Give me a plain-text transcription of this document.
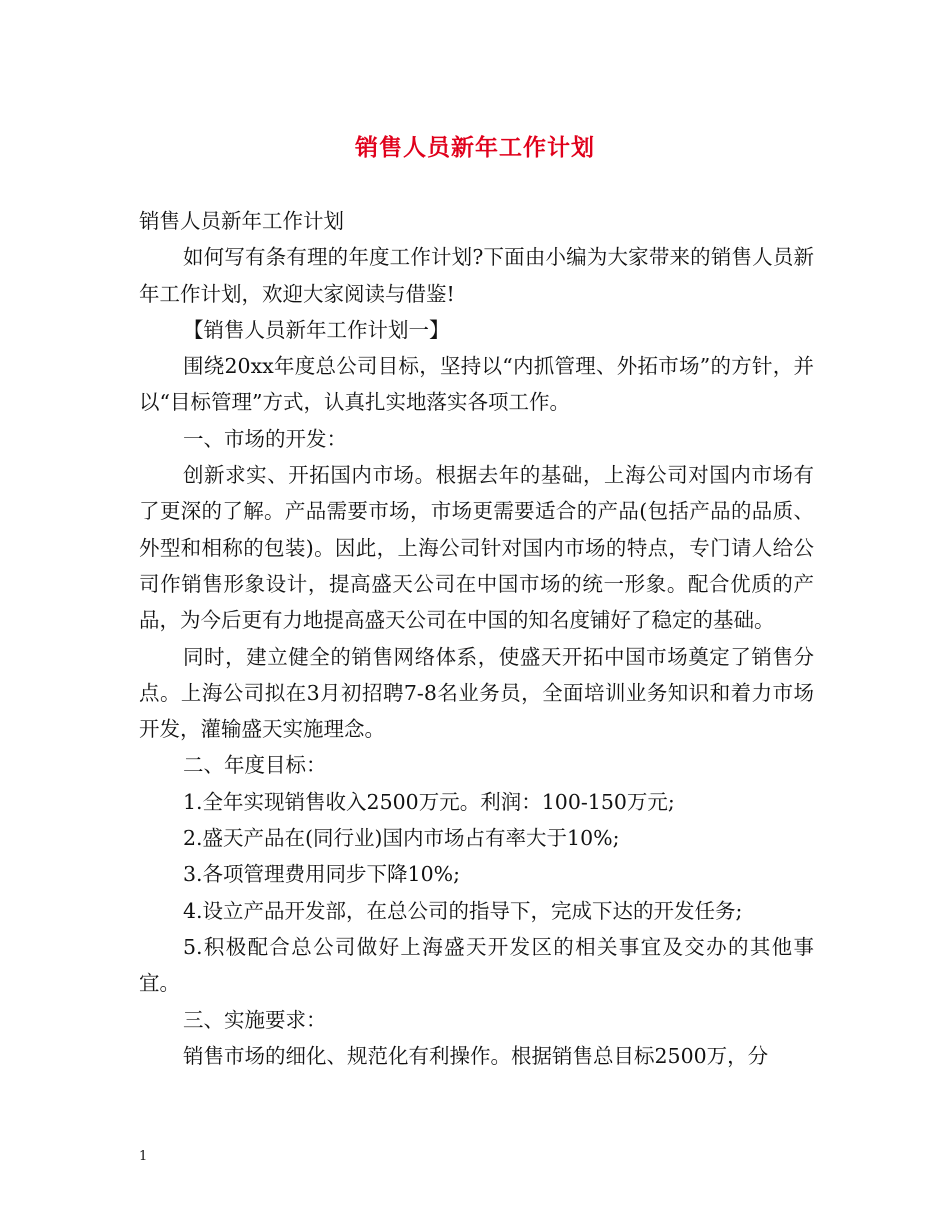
销售人员新年工作计划

销售人员新年工作计划

如何写有条有理的年度工作计划?下面由小编为大家带来的销售人员新年工作计划，欢迎大家阅读与借鉴!

【销售人员新年工作计划一】

围绕20xx年度总公司目标，坚持以“内抓管理、外拓市场”的方针，并以“目标管理”方式，认真扎实地落实各项工作。

一、市场的开发：

创新求实、开拓国内市场。根据去年的基础，上海公司对国内市场有了更深的了解。产品需要市场，市场更需要适合的产品(包括产品的品质、外型和相称的包装)。因此，上海公司针对国内市场的特点，专门请人给公司作销售形象设计，提高盛天公司在中国市场的统一形象。配合优质的产品，为今后更有力地提高盛天公司在中国的知名度铺好了稳定的基础。

同时，建立健全的销售网络体系，使盛天开拓中国市场奠定了销售分点。上海公司拟在3月初招聘7-8名业务员，全面培训业务知识和着力市场开发，灌输盛天实施理念。

二、年度目标：

1.全年实现销售收入2500万元。利润：100-150万元;

2.盛天产品在(同行业)国内市场占有率大于10%;

3.各项管理费用同步下降10%;

4.设立产品开发部，在总公司的指导下，完成下达的开发任务;

5.积极配合总公司做好上海盛天开发区的相关事宜及交办的其他事宜。

三、实施要求：

销售市场的细化、规范化有利操作。根据销售总目标2500万，分

1
